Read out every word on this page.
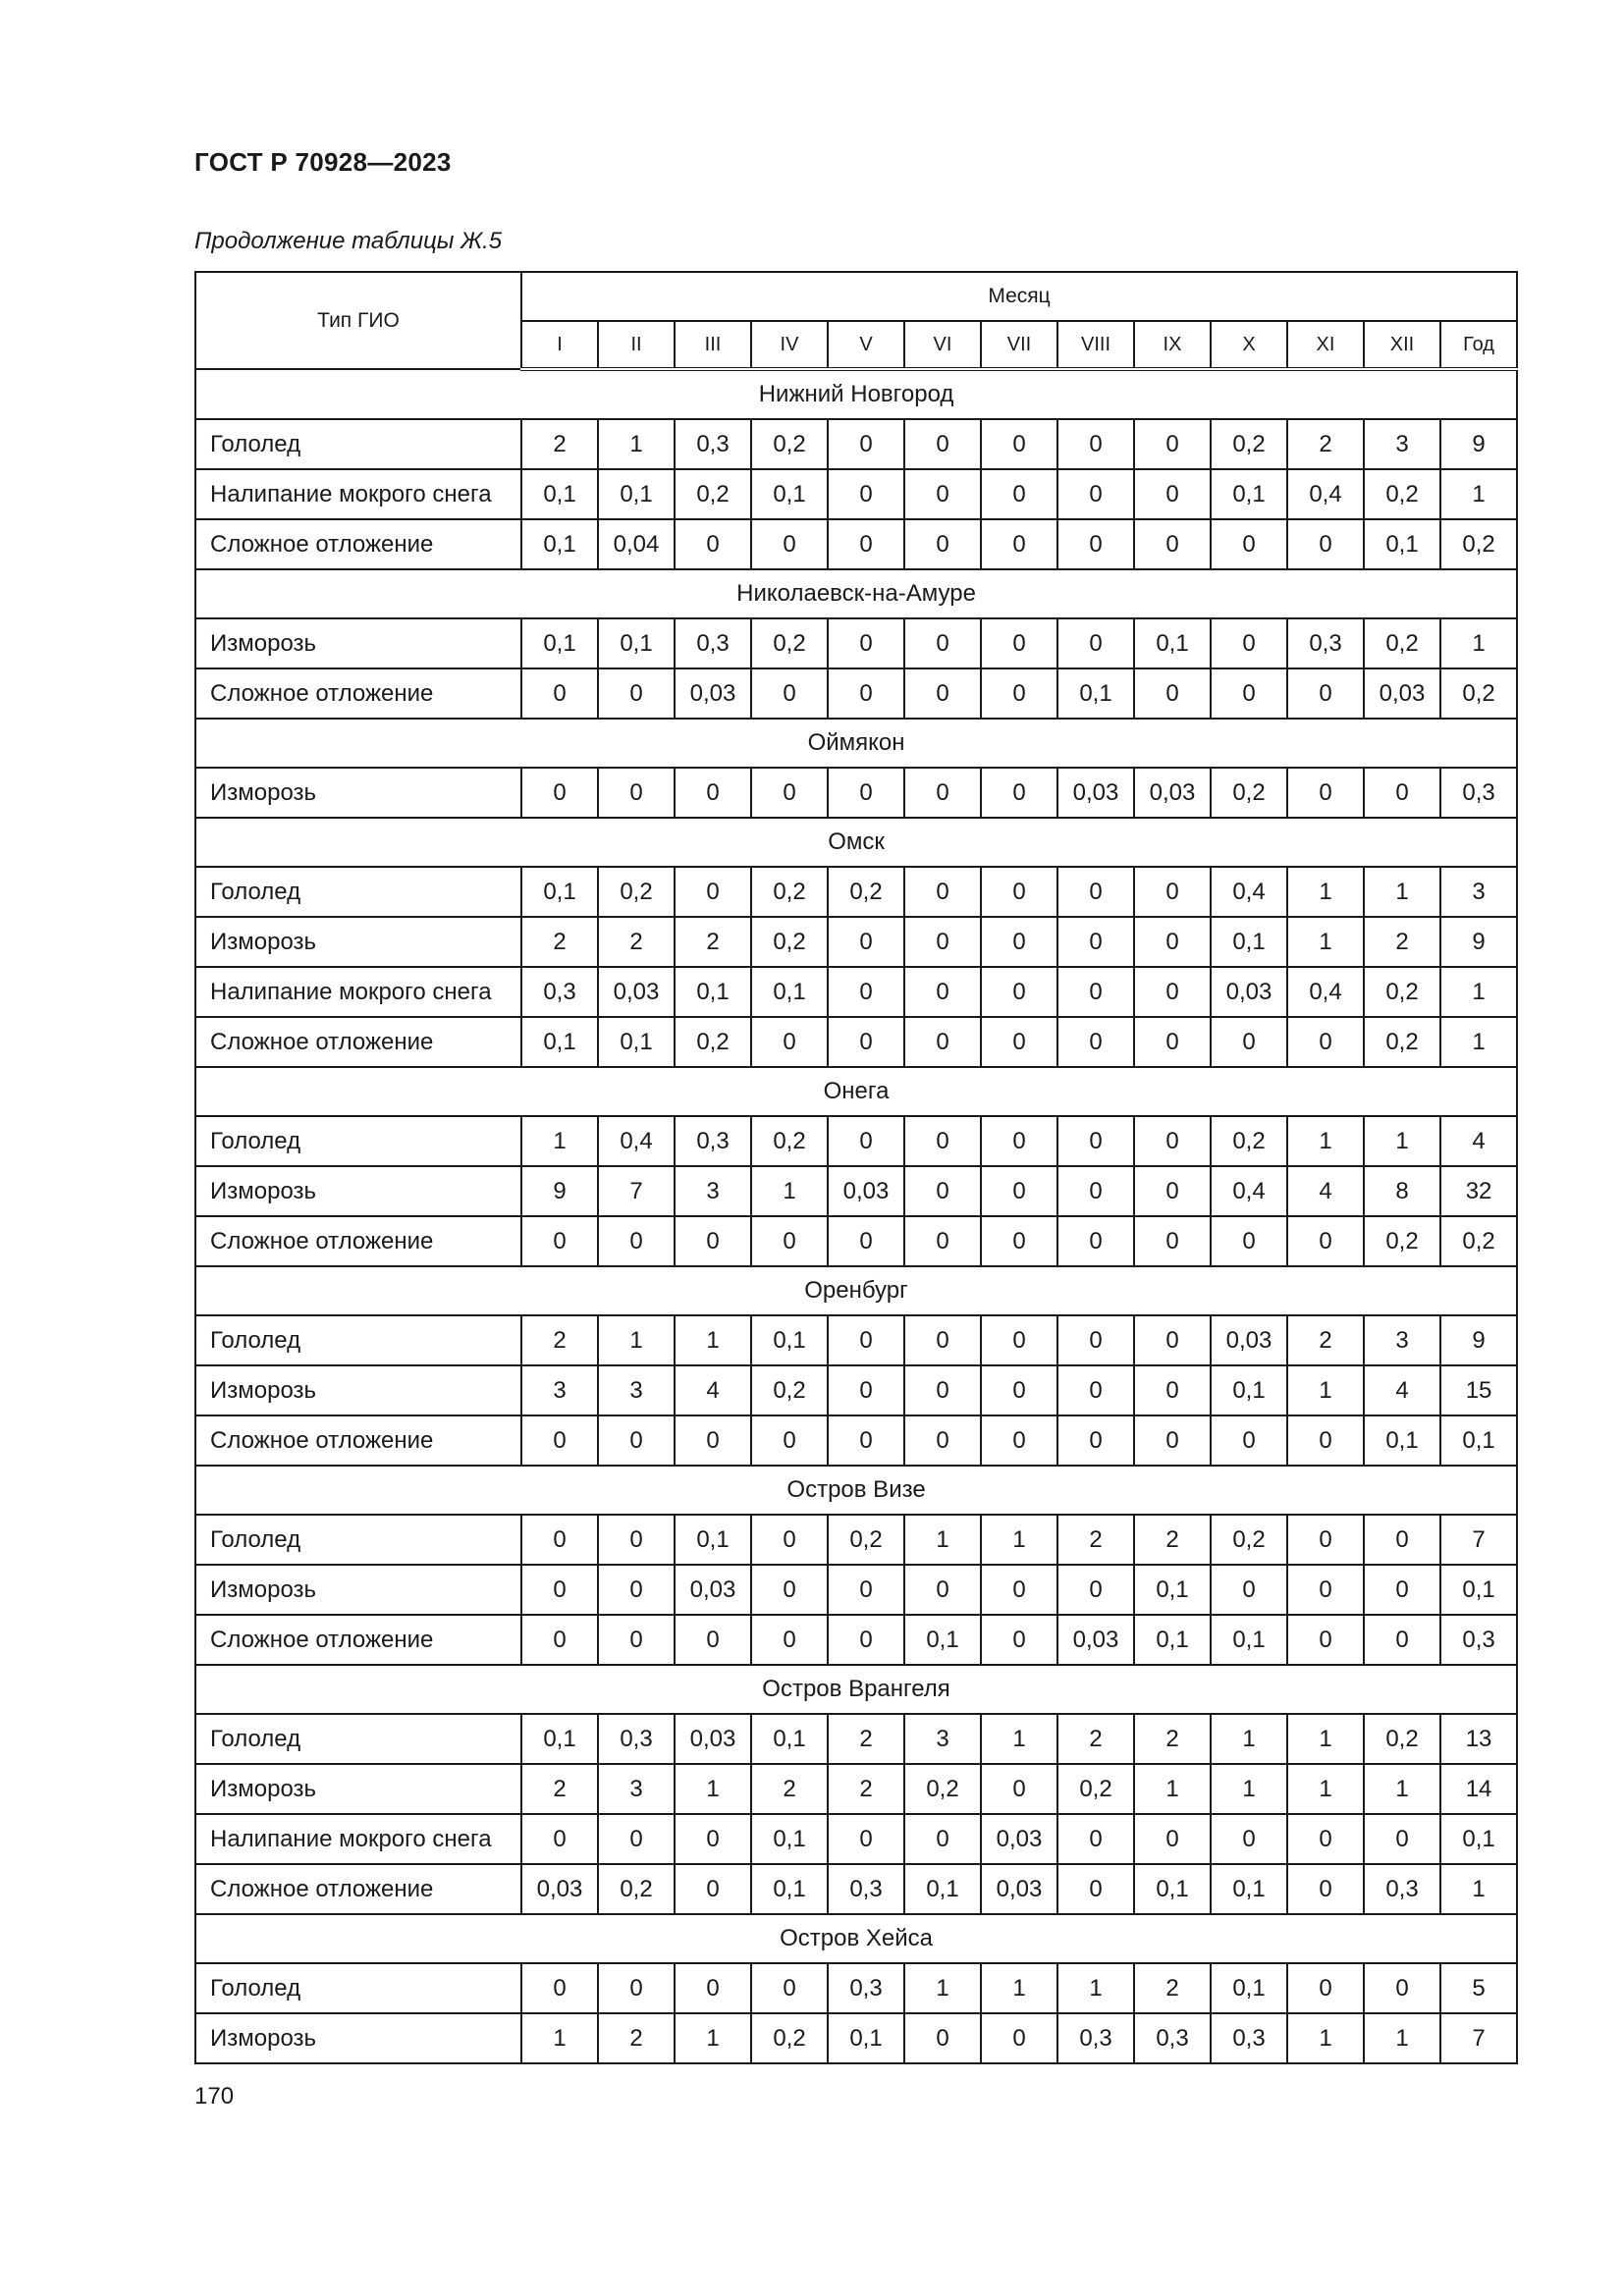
ГОСТ Р 70928—2023
Продолжение таблицы Ж.5
Тип ГИО	Месяц												
	I	II	III	IV	V	VI	VII	VIII	IX	X	XI	XII	Год
Нижний Новгород													
Гололед	2	1	0,3	0,2	0	0	0	0	0	0,2	2	3	9
Налипание мокрого снега	0,1	0,1	0,2	0,1	0	0	0	0	0	0,1	0,4	0,2	1
Сложное отложение	0,1	0,04	0	0	0	0	0	0	0	0	0	0,1	0,2
Николаевск-на-Амуре													
Изморозь	0,1	0,1	0,3	0,2	0	0	0	0	0,1	0	0,3	0,2	1
Сложное отложение	0	0	0,03	0	0	0	0	0,1	0	0	0	0,03	0,2
Оймякон													
Изморозь	0	0	0	0	0	0	0	0,03	0,03	0,2	0	0	0,3
Омск													
Гололед	0,1	0,2	0	0,2	0,2	0	0	0	0	0,4	1	1	3
Изморозь	2	2	2	0,2	0	0	0	0	0	0,1	1	2	9
Налипание мокрого снега	0,3	0,03	0,1	0,1	0	0	0	0	0	0,03	0,4	0,2	1
Сложное отложение	0,1	0,1	0,2	0	0	0	0	0	0	0	0	0,2	1
Онега													
Гололед	1	0,4	0,3	0,2	0	0	0	0	0	0,2	1	1	4
Изморозь	9	7	3	1	0,03	0	0	0	0	0,4	4	8	32
Сложное отложение	0	0	0	0	0	0	0	0	0	0	0	0,2	0,2
Оренбург													
Гололед	2	1	1	0,1	0	0	0	0	0	0,03	2	3	9
Изморозь	3	3	4	0,2	0	0	0	0	0	0,1	1	4	15
Сложное отложение	0	0	0	0	0	0	0	0	0	0	0	0,1	0,1
Остров Визе													
Гололед	0	0	0,1	0	0,2	1	1	2	2	0,2	0	0	7
Изморозь	0	0	0,03	0	0	0	0	0	0,1	0	0	0	0,1
Сложное отложение	0	0	0	0	0	0,1	0	0,03	0,1	0,1	0	0	0,3
Остров Врангеля													
Гололед	0,1	0,3	0,03	0,1	2	3	1	2	2	1	1	0,2	13
Изморозь	2	3	1	2	2	0,2	0	0,2	1	1	1	1	14
Налипание мокрого снега	0	0	0	0,1	0	0	0,03	0	0	0	0	0	0,1
Сложное отложение	0,03	0,2	0	0,1	0,3	0,1	0,03	0	0,1	0,1	0	0,3	1
Остров Хейса													
Гололед	0	0	0	0	0,3	1	1	1	2	0,1	0	0	5
Изморозь	1	2	1	0,2	0,1	0	0	0,3	0,3	0,3	1	1	7
170
